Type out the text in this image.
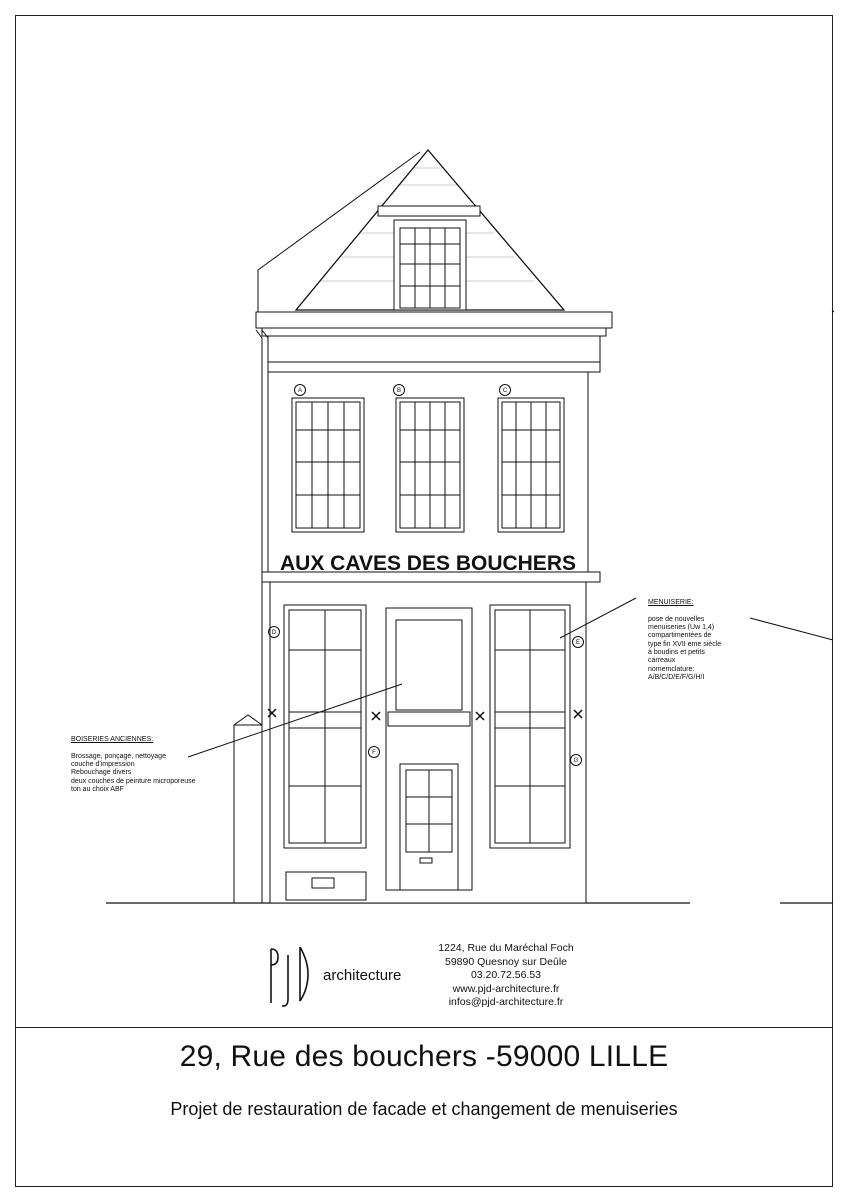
AUX CAVES DES BOUCHERS
A	B	C
D
E
F
G

MENUISERIE:

pose de nouvelles
menuiseries (Uw 1,4)
compartimentées de
type fin XVII eme siècle
à boudins et petits
carreaux
nomemclature:
A/B/C/D/E/F/G/H/I

BOISERIES ANCIENNES:

Brossage, ponçage, nettoyage
couche d'impression
Rebouchage divers
deux couches de peinture microporeuse
ton au choix ABF

architecture
1224, Rue du Maréchal Foch
59890 Quesnoy sur Deûle
03.20.72.56.53
www.pjd-architecture.fr
infos@pjd-architecture.fr
29, Rue des bouchers -59000 LILLE
Projet de restauration de facade et changement de menuiseries
